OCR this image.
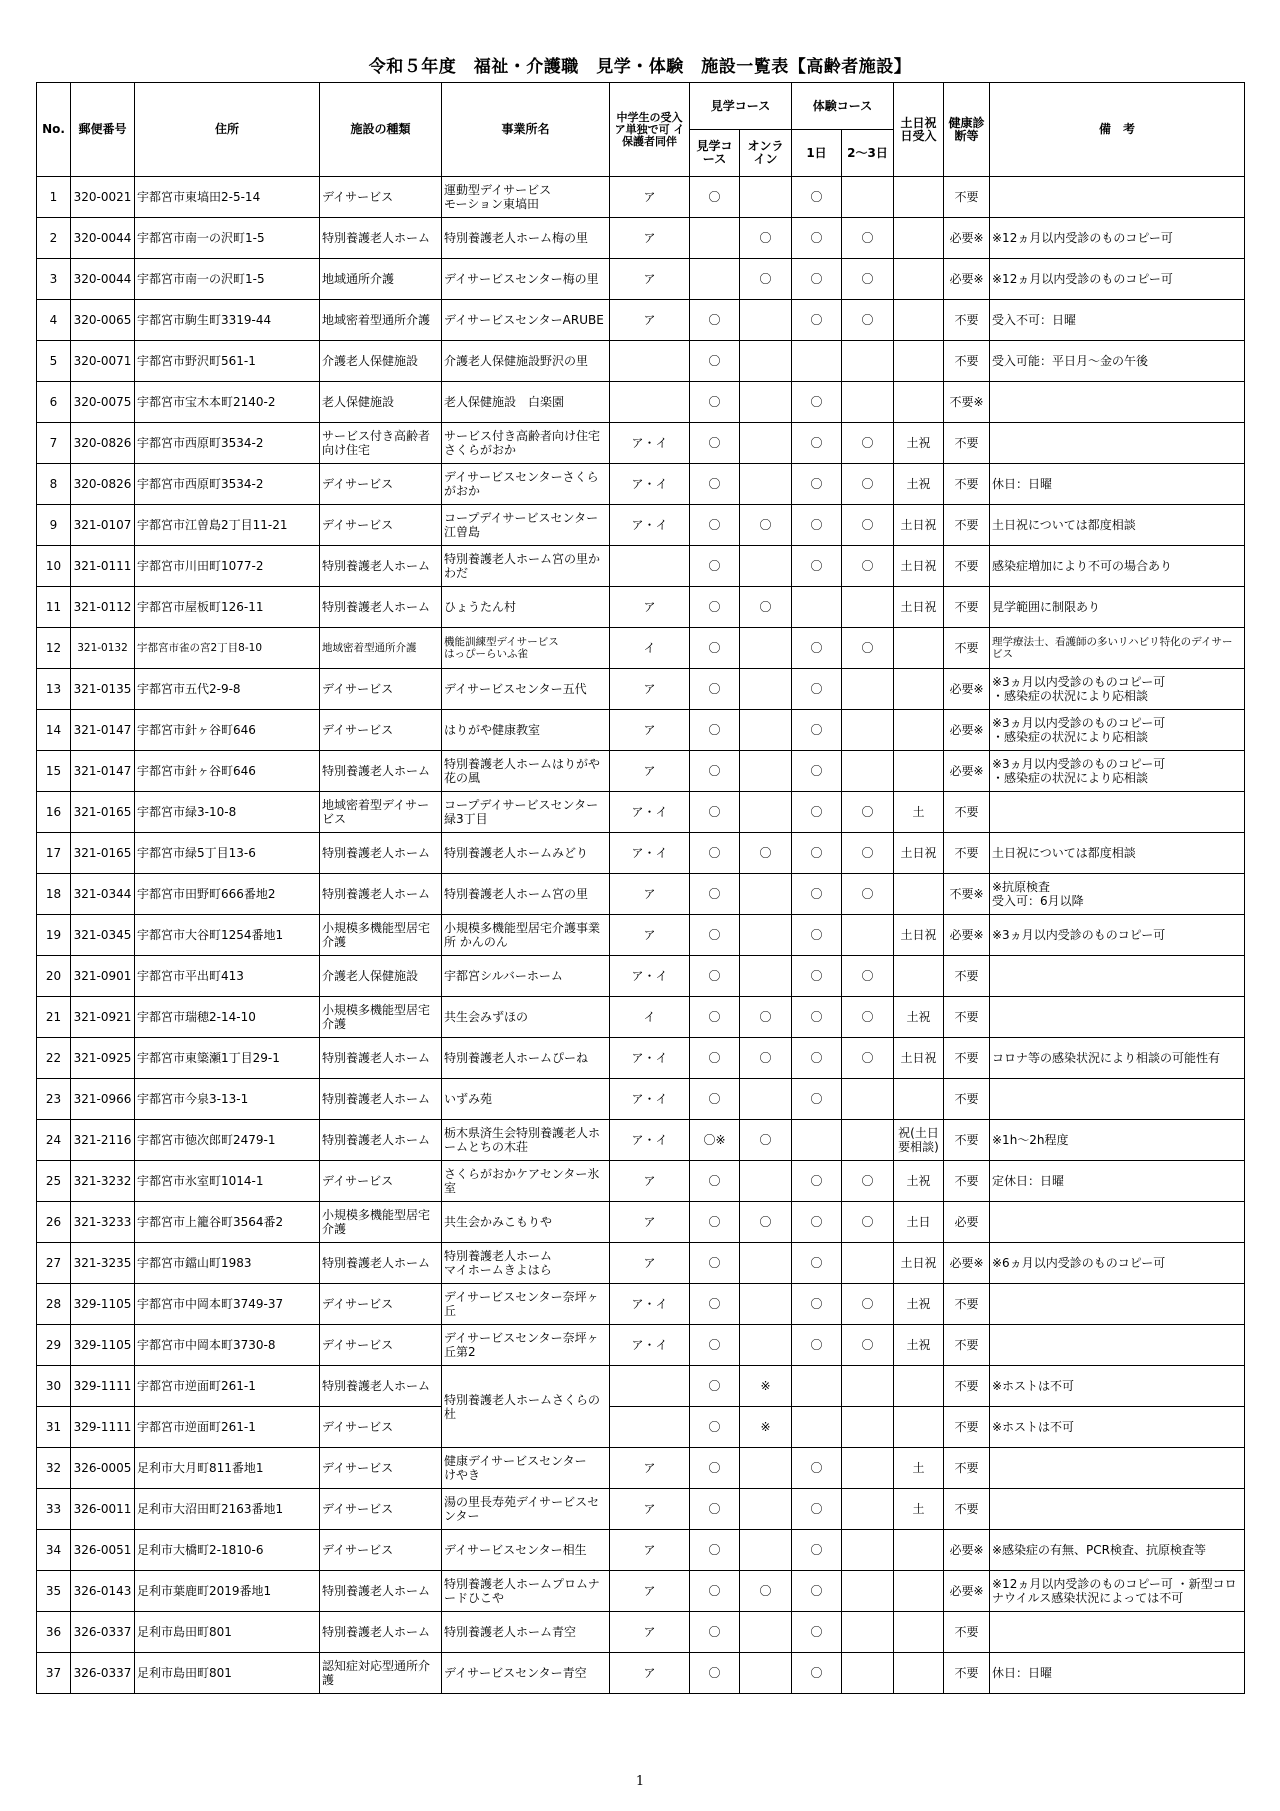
令和５年度　福祉・介護職　見学・体験　施設一覧表【高齢者施設】
No.	郵便番号	住所	施設の種類	事業所名	中学生の受入 ア単独で可 イ保護者同伴	見学コース		体験コース		土日祝日受入	健康診断等	備　考
						見学コース	オンライン	1日	2～3日			
1	320-0021	宇都宮市東塙田2-5-14	デイサービス	運動型デイサービス
モーション東塙田	ア	〇		〇			不要	
2	320-0044	宇都宮市南一の沢町1-5	特別養護老人ホーム	特別養護老人ホーム梅の里	ア		〇	〇	〇		必要※	※12ヵ月以内受診のものコピー可
3	320-0044	宇都宮市南一の沢町1-5	地域通所介護	デイサービスセンター梅の里	ア		〇	〇	〇		必要※	※12ヵ月以内受診のものコピー可
4	320-0065	宇都宮市駒生町3319-44	地域密着型通所介護	デイサービスセンターARUBE	ア	〇		〇	〇		不要	受入不可：日曜
5	320-0071	宇都宮市野沢町561-1	介護老人保健施設	介護老人保健施設野沢の里		〇					不要	受入可能：平日月～金の午後
6	320-0075	宇都宮市宝木本町2140-2	老人保健施設	老人保健施設　白楽園		〇		〇			不要※	
7	320-0826	宇都宮市西原町3534-2	サービス付き高齢者向け住宅	サービス付き高齢者向け住宅 さくらがおか	ア・イ	〇		〇	〇	土祝	不要	
8	320-0826	宇都宮市西原町3534-2	デイサービス	デイサービスセンターさくらがおか	ア・イ	〇		〇	〇	土祝	不要	休日：日曜
9	321-0107	宇都宮市江曽島2丁目11-21	デイサービス	コープデイサービスセンター江曽島	ア・イ	〇	〇	〇	〇	土日祝	不要	土日祝については都度相談
10	321-0111	宇都宮市川田町1077-2	特別養護老人ホーム	特別養護老人ホーム宮の里かわだ		〇		〇	〇	土日祝	不要	感染症増加により不可の場合あり
11	321-0112	宇都宮市屋板町126-11	特別養護老人ホーム	ひょうたん村	ア	〇	〇			土日祝	不要	見学範囲に制限あり
12	321-0132	宇都宮市雀の宮2丁目8-10	地域密着型通所介護	機能訓練型デイサービス
はっぴーらいふ雀	イ	〇		〇	〇		不要	理学療法士、看護師の多いリハビリ特化のデイサービス
13	321-0135	宇都宮市五代2-9-8	デイサービス	デイサービスセンター五代	ア	〇		〇			必要※	※3ヵ月以内受診のものコピー可
・感染症の状況により応相談
14	321-0147	宇都宮市針ヶ谷町646	デイサービス	はりがや健康教室	ア	〇		〇			必要※	※3ヵ月以内受診のものコピー可
・感染症の状況により応相談
15	321-0147	宇都宮市針ヶ谷町646	特別養護老人ホーム	特別養護老人ホームはりがや花の風	ア	〇		〇			必要※	※3ヵ月以内受診のものコピー可
・感染症の状況により応相談
16	321-0165	宇都宮市緑3-10-8	地域密着型デイサービス	コープデイサービスセンター緑3丁目	ア・イ	〇		〇	〇	土	不要	
17	321-0165	宇都宮市緑5丁目13-6	特別養護老人ホーム	特別養護老人ホームみどり	ア・イ	〇	〇	〇	〇	土日祝	不要	土日祝については都度相談
18	321-0344	宇都宮市田野町666番地2	特別養護老人ホーム	特別養護老人ホーム宮の里	ア	〇		〇	〇		不要※	※抗原検査
受入可：6月以降
19	321-0345	宇都宮市大谷町1254番地1	小規模多機能型居宅介護	小規模多機能型居宅介護事業所 かんのん	ア	〇		〇		土日祝	必要※	※3ヵ月以内受診のものコピー可
20	321-0901	宇都宮市平出町413	介護老人保健施設	宇都宮シルバーホーム	ア・イ	〇		〇	〇		不要	
21	321-0921	宇都宮市瑞穂2-14-10	小規模多機能型居宅介護	共生会みずほの	イ	〇	〇	〇	〇	土祝	不要	
22	321-0925	宇都宮市東簗瀬1丁目29-1	特別養護老人ホーム	特別養護老人ホームぴーね	ア・イ	〇	〇	〇	〇	土日祝	不要	コロナ等の感染状況により相談の可能性有
23	321-0966	宇都宮市今泉3-13-1	特別養護老人ホーム	いずみ苑	ア・イ	〇		〇			不要	
24	321-2116	宇都宮市徳次郎町2479-1	特別養護老人ホーム	栃木県済生会特別養護老人ホームとちの木荘	ア・イ	〇※	〇			祝(土日要相談)	不要	※1h～2h程度
25	321-3232	宇都宮市氷室町1014-1	デイサービス	さくらがおかケアセンター氷室	ア	〇		〇	〇	土祝	不要	定休日：日曜
26	321-3233	宇都宮市上籠谷町3564番2	小規模多機能型居宅介護	共生会かみこもりや	ア	〇	〇	〇	〇	土日	必要	
27	321-3235	宇都宮市鐺山町1983	特別養護老人ホーム	特別養護老人ホーム
マイホームきよはら	ア	〇		〇		土日祝	必要※	※6ヵ月以内受診のものコピー可
28	329-1105	宇都宮市中岡本町3749-37	デイサービス	デイサービスセンター奈坪ヶ丘	ア・イ	〇		〇	〇	土祝	不要	
29	329-1105	宇都宮市中岡本町3730-8	デイサービス	デイサービスセンター奈坪ヶ丘第2	ア・イ	〇		〇	〇	土祝	不要	
30	329-1111	宇都宮市逆面町261-1	特別養護老人ホーム	特別養護老人ホームさくらの杜		〇	※				不要	※ホストは不可
31	329-1111	宇都宮市逆面町261-1	デイサービス			〇	※				不要	※ホストは不可
32	326-0005	足利市大月町811番地1	デイサービス	健康デイサービスセンター
けやき	ア	〇		〇		土	不要	
33	326-0011	足利市大沼田町2163番地1	デイサービス	湯の里長寿苑デイサービスセンター	ア	〇		〇		土	不要	
34	326-0051	足利市大橋町2-1810-6	デイサービス	デイサービスセンター相生	ア	〇		〇			必要※	※感染症の有無、PCR検査、抗原検査等
35	326-0143	足利市葉鹿町2019番地1	特別養護老人ホーム	特別養護老人ホームプロムナードひこや	ア	〇	〇	〇			必要※	※12ヵ月以内受診のものコピー可 ・新型コロナウイルス感染状況によっては不可
36	326-0337	足利市島田町801	特別養護老人ホーム	特別養護老人ホーム青空	ア	〇		〇			不要	
37	326-0337	足利市島田町801	認知症対応型通所介護	デイサービスセンター青空	ア	〇		〇			不要	休日：日曜
1
